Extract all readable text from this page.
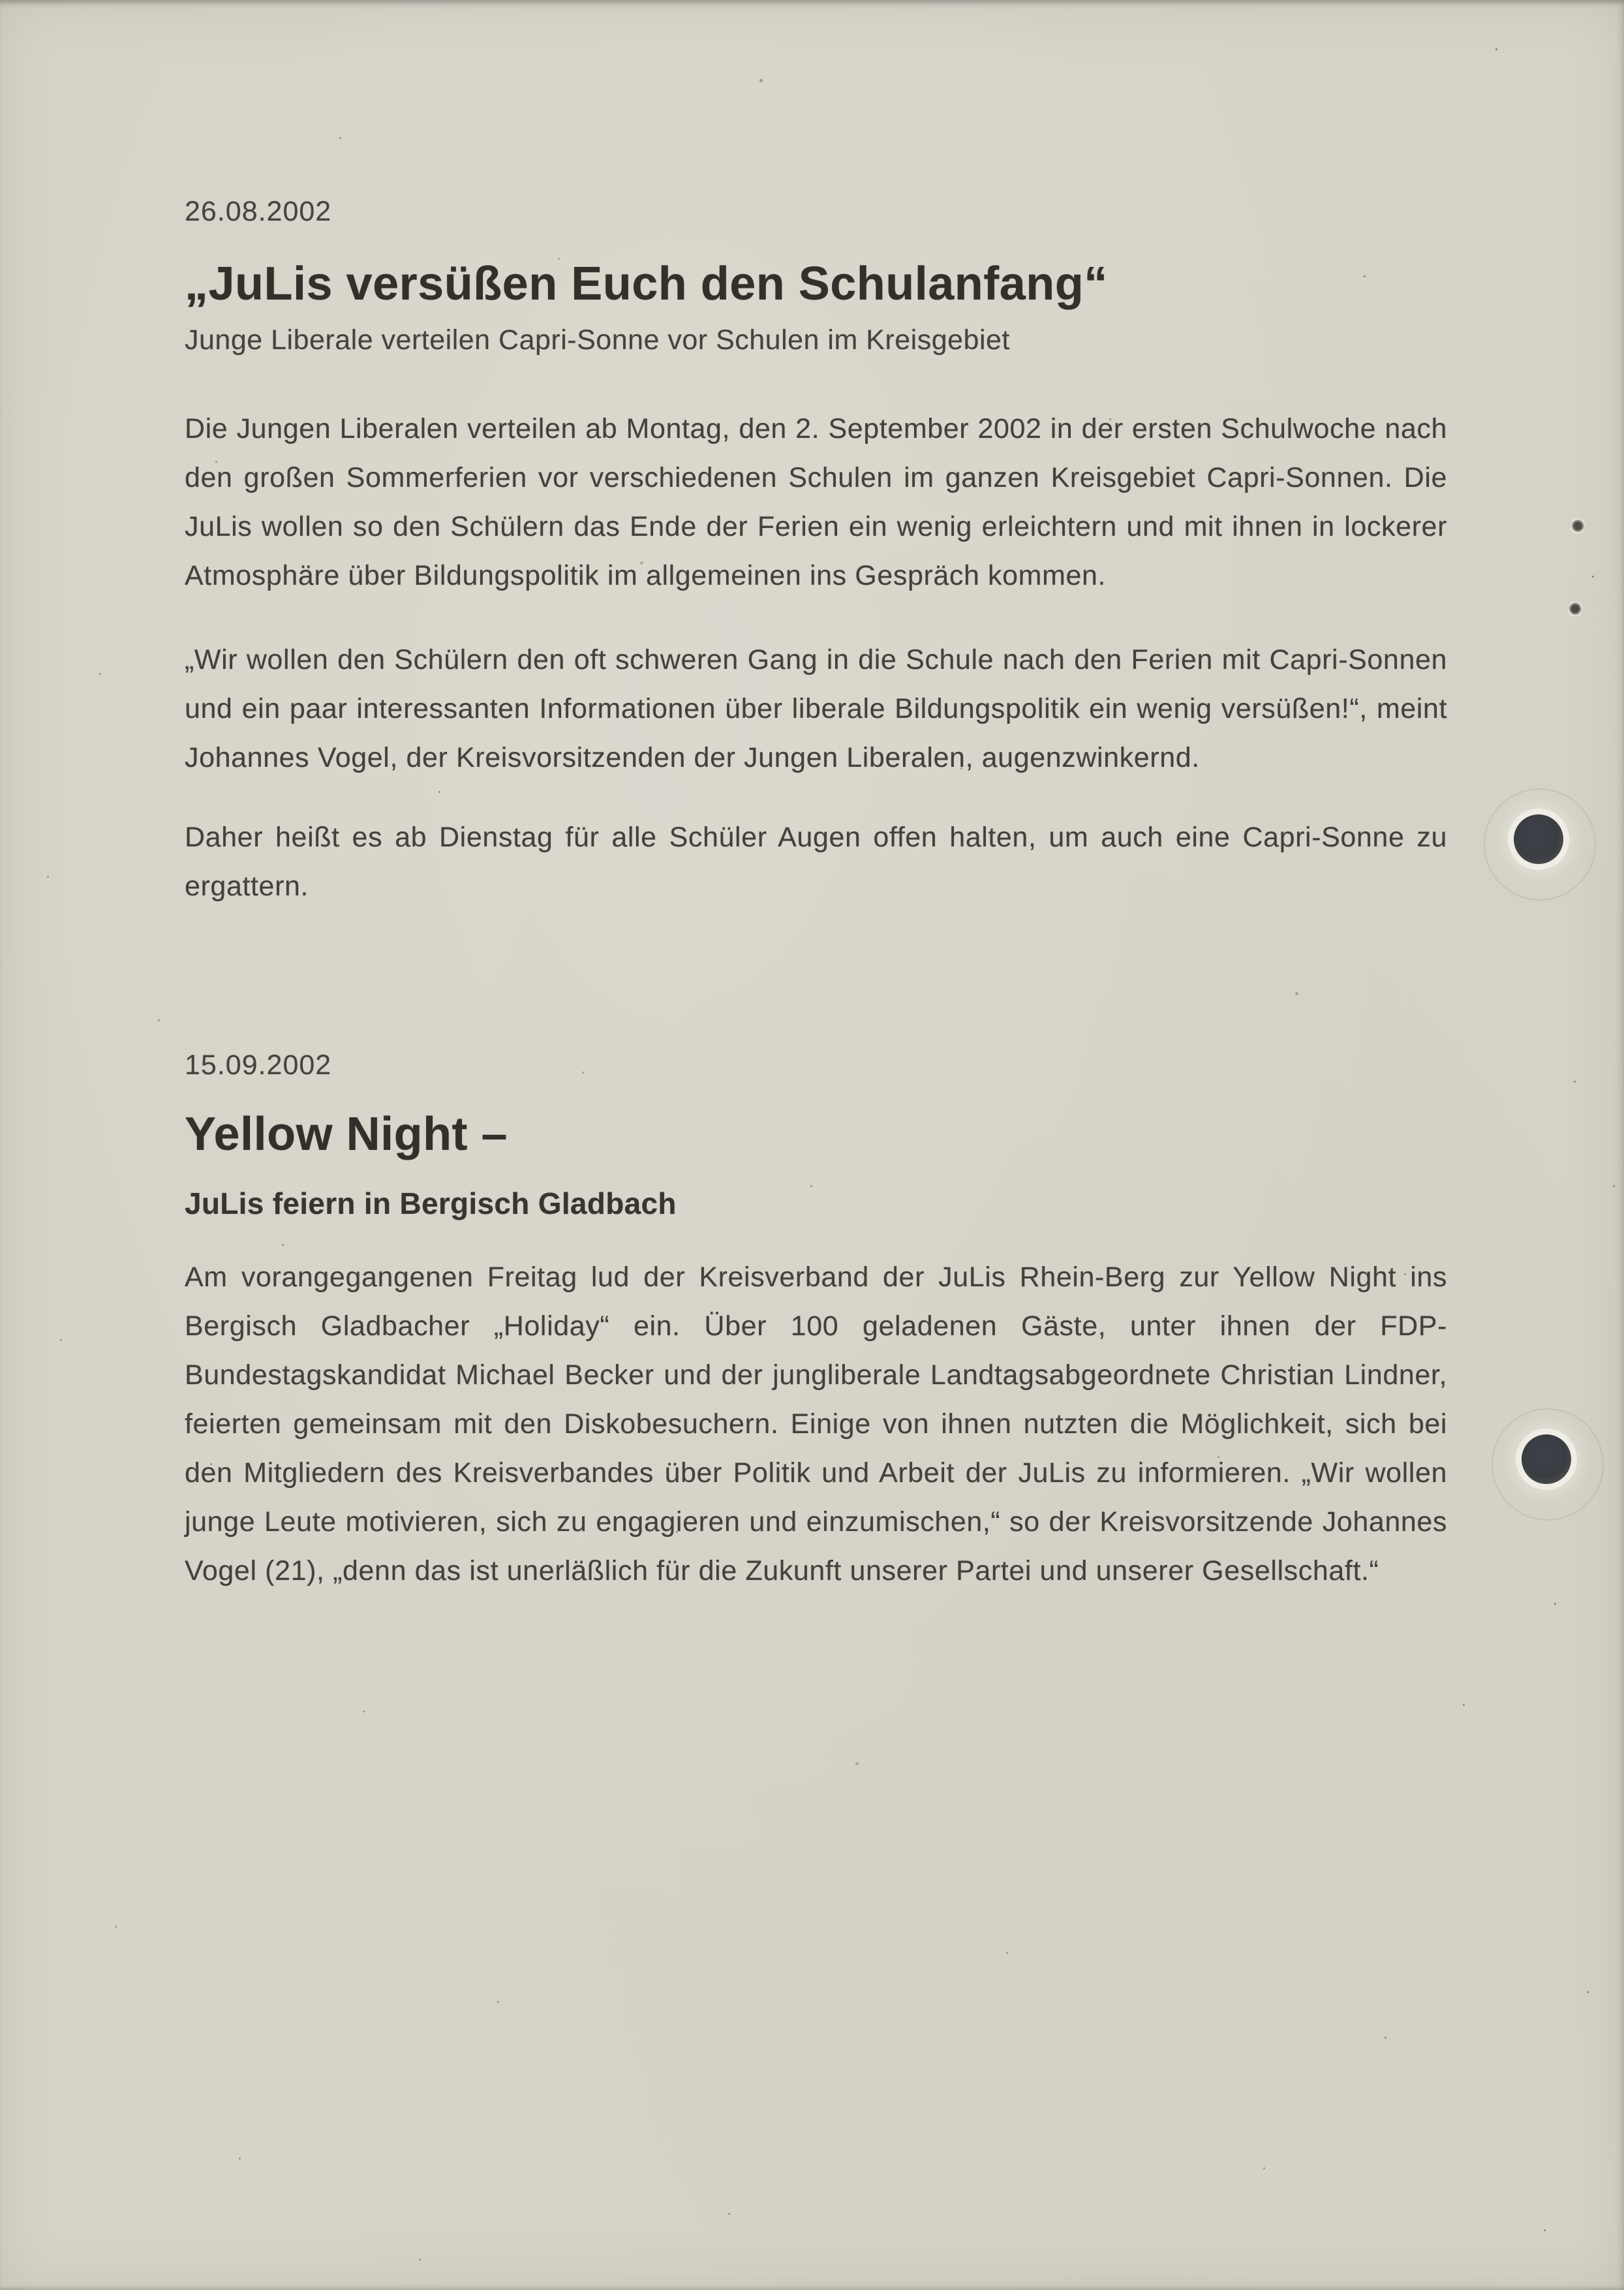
26.08.2002
„JuLis versüßen Euch den Schulanfang“
Junge Liberale verteilen Capri-Sonne vor Schulen im Kreisgebiet

Die Jungen Liberalen verteilen ab Montag, den 2. September 2002 in der ersten Schulwoche nach den großen Sommerferien vor verschiedenen Schulen im ganzen Kreisgebiet Capri-Sonnen. Die JuLis wollen so den Schülern das Ende der Ferien ein wenig erleichtern und mit ihnen in lockerer Atmosphäre über Bildungspolitik im allgemeinen ins Gespräch kommen.

„Wir wollen den Schülern den oft schweren Gang in die Schule nach den Ferien mit Capri-Sonnen und ein paar interessanten Informationen über liberale Bildungspolitik ein wenig versüßen!“, meint Johannes Vogel, der Kreisvorsitzenden der Jungen Liberalen, augenzwinkernd.

Daher heißt es ab Dienstag für alle Schüler Augen offen halten, um auch eine Capri-Sonne zu ergattern.

15.09.2002
Yellow Night –
JuLis feiern in Bergisch Gladbach

Am vorangegangenen Freitag lud der Kreisverband der JuLis Rhein-Berg zur Yellow Night ins Bergisch Gladbacher „Holiday“ ein. Über 100 geladenen Gäste, unter ihnen der FDP-Bundestagskandidat Michael Becker und der jungliberale Landtagsabgeordnete Christian Lindner, feierten gemeinsam mit den Diskobesuchern. Einige von ihnen nutzten die Möglichkeit, sich bei den Mitgliedern des Kreisverbandes über Politik und Arbeit der JuLis zu informieren. „Wir wollen junge Leute motivieren, sich zu engagieren und einzumischen,“ so der Kreisvorsitzende Johannes Vogel (21), „denn das ist unerläßlich für die Zukunft unserer Partei und unserer Gesellschaft.“
